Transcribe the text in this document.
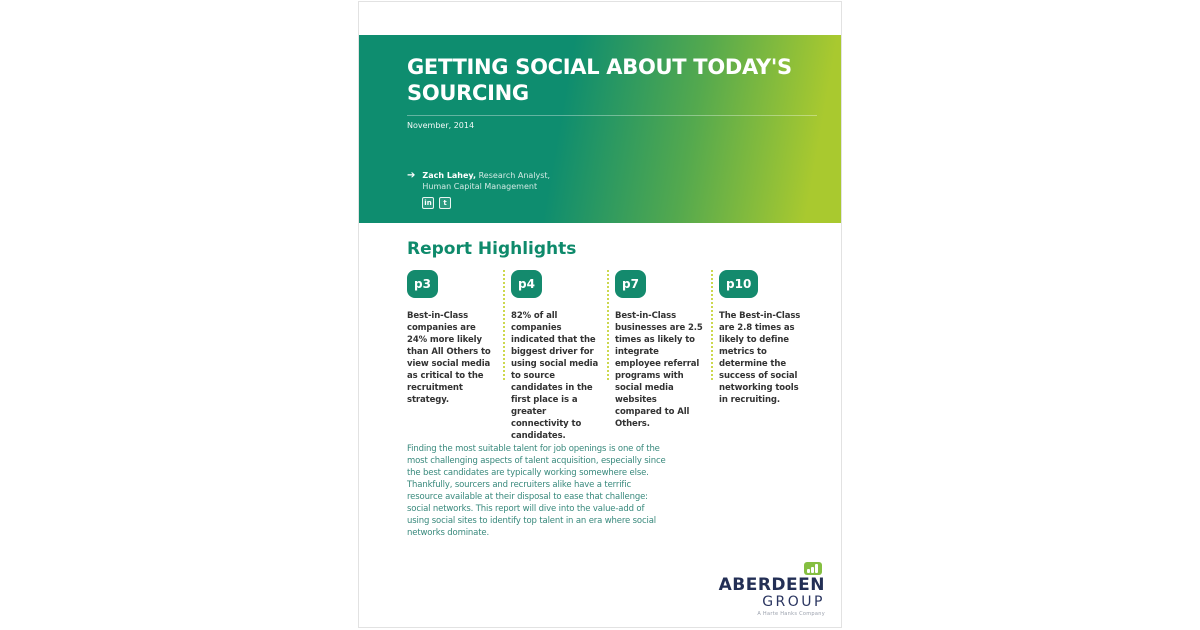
GETTING SOCIAL ABOUT TODAY'S SOURCING
November, 2014
➔ Zach Lahey, Research Analyst,
Human Capital Management
in	t
Report Highlights
p3
Best-in-Class companies are 24% more likely than All Others to view social media as critical to the recruitment strategy.
p4
82% of all companies indicated that the biggest driver for using social media to source candidates in the first place is a greater connectivity to candidates.
p7
Best-in-Class businesses are 2.5 times as likely to integrate employee referral programs with social media websites compared to All Others.
p10
The Best-in-Class are 2.8 times as likely to define metrics to determine the success of social networking tools in recruiting.
Finding the most suitable talent for job openings is one of the most challenging aspects of talent acquisition, especially since the best candidates are typically working somewhere else. Thankfully, sourcers and recruiters alike have a terrific resource available at their disposal to ease that challenge: social networks. This report will dive into the value-add of using social sites to identify top talent in an era where social networks dominate.
ABERDEEN
GROUP
A Harte Hanks Company
